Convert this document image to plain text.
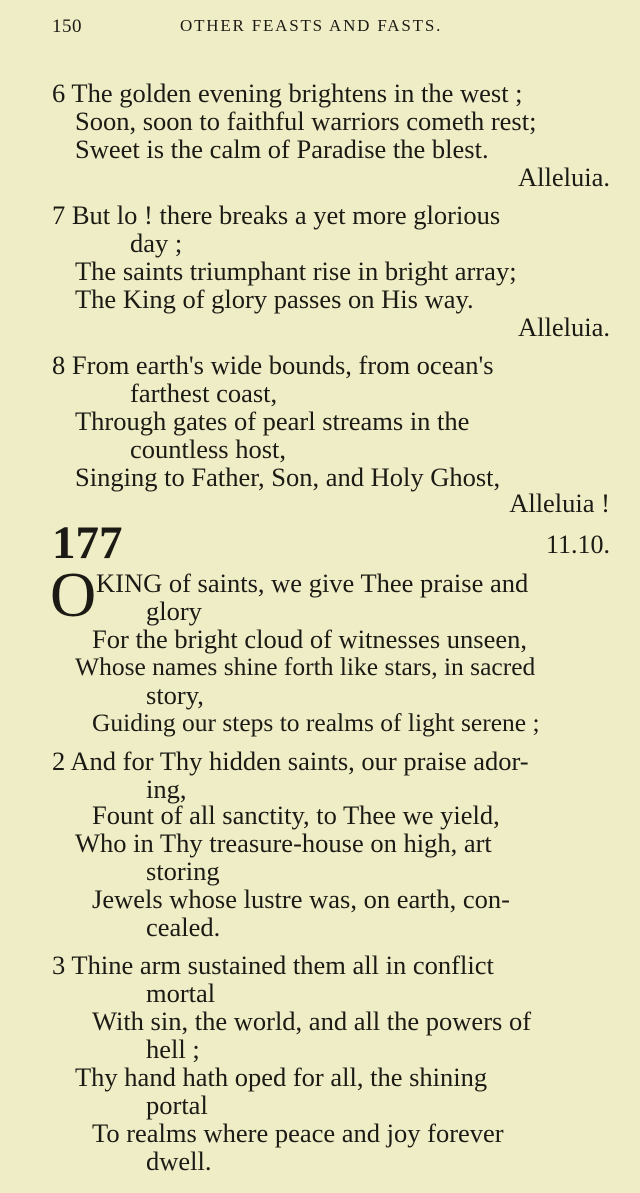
150	OTHER FEASTS AND FASTS.
6 The golden evening brightens in the west ;
Soon, soon to faithful warriors cometh rest;
Sweet is the calm of Paradise the blest.
Alleluia.
7 But lo ! there breaks a yet more glorious
day ;
The saints triumphant rise in bright array;
The King of glory passes on His way.
Alleluia.
8 From earth's wide bounds, from ocean's
farthest coast,
Through gates of pearl streams in the
countless host,
Singing to Father, Son, and Holy Ghost,
Alleluia !
177	11.10.
O KING of saints, we give Thee praise and
glory
For the bright cloud of witnesses unseen,
Whose names shine forth like stars, in sacred
story,
Guiding our steps to realms of light serene ;
2 And for Thy hidden saints, our praise ador-
ing,
Fount of all sanctity, to Thee we yield,
Who in Thy treasure-house on high, art
storing
Jewels whose lustre was, on earth, con-
cealed.
3 Thine arm sustained them all in conflict
mortal
With sin, the world, and all the powers of
hell ;
Thy hand hath oped for all, the shining
portal
To realms where peace and joy forever
dwell.
